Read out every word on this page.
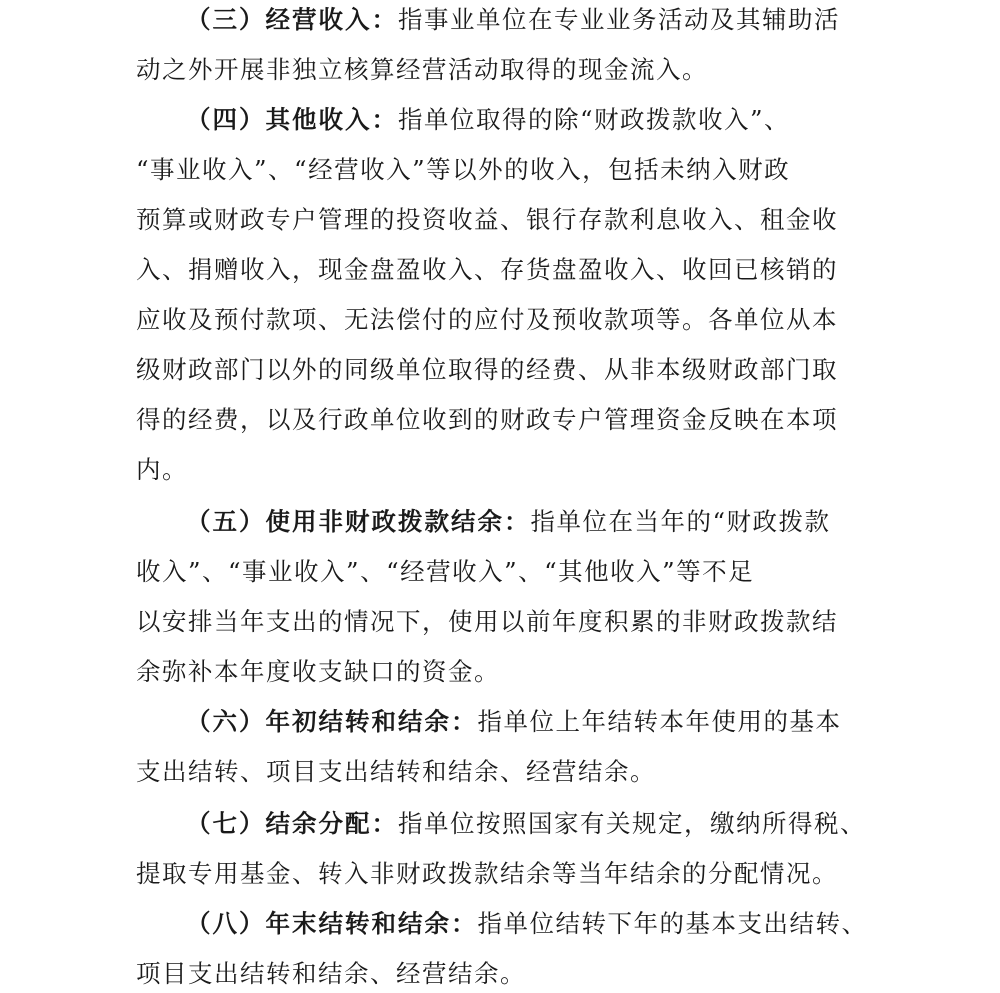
（三）经营收入：指事业单位在专业业务活动及其辅助活
动之外开展非独立核算经营活动取得的现金流入。
（四）其他收入：指单位取得的除“财政拨款收入”、
“事业收入”、“经营收入”等以外的收入，包括未纳入财政
预算或财政专户管理的投资收益、银行存款利息收入、租金收
入、捐赠收入，现金盘盈收入、存货盘盈收入、收回已核销的
应收及预付款项、无法偿付的应付及预收款项等。各单位从本
级财政部门以外的同级单位取得的经费、从非本级财政部门取
得的经费，以及行政单位收到的财政专户管理资金反映在本项
内。
（五）使用非财政拨款结余：指单位在当年的“财政拨款
收入”、“事业收入”、“经营收入”、“其他收入”等不足
以安排当年支出的情况下，使用以前年度积累的非财政拨款结
余弥补本年度收支缺口的资金。
（六）年初结转和结余：指单位上年结转本年使用的基本
支出结转、项目支出结转和结余、经营结余。
（七）结余分配：指单位按照国家有关规定，缴纳所得税、
提取专用基金、转入非财政拨款结余等当年结余的分配情况。
（八）年末结转和结余：指单位结转下年的基本支出结转、
项目支出结转和结余、经营结余。
